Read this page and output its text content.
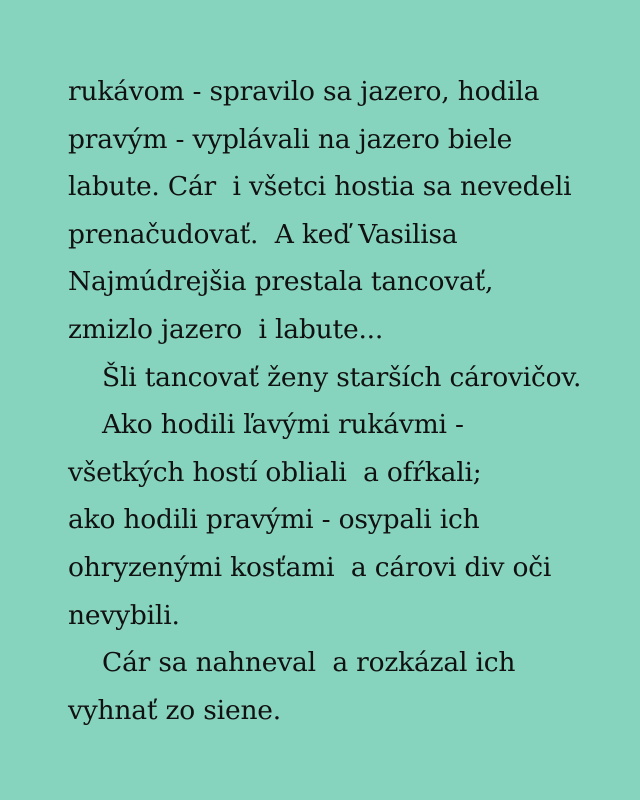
rukávom - spravilo sa jazero, hodila
pravým - vyplávali na jazero biele
labute. Cár  i všetci hostia sa nevedeli
prenačudovať.  A keď Vasilisa
Najmúdrejšia prestala tancovať,
zmizlo jazero  i labute...
Šli tancovať ženy starších cárovičov.
Ako hodili ľavými rukávmi -
všetkých hostí obliali  a ofŕkali;
ako hodili pravými - osypali ich
ohryzenými kosťami  a cárovi div oči
nevybili.
Cár sa nahneval  a rozkázal ich
vyhnať zo siene.
